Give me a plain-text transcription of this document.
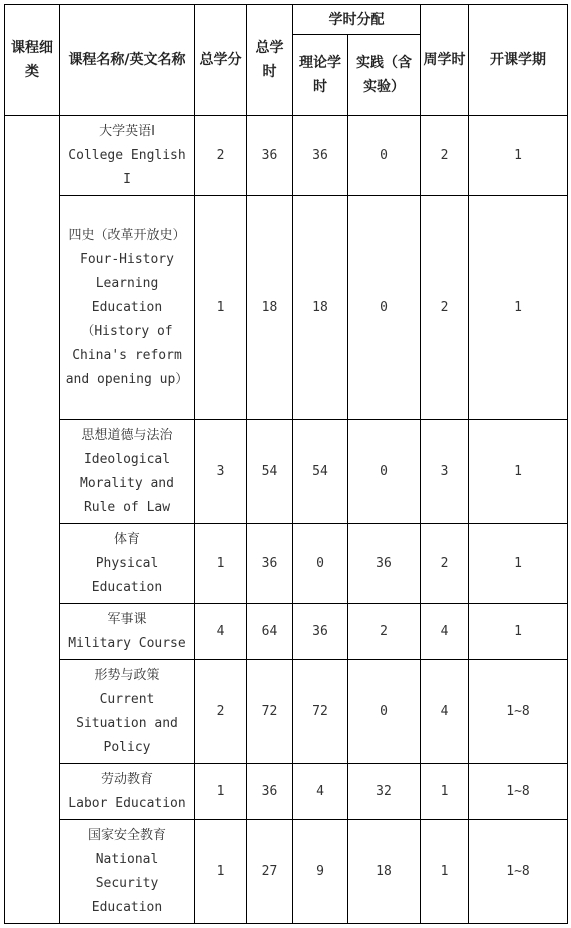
课程细类	课程名称/英文名称	总学分	总学时	学时分配		周学时	开课学期
				理论学时	实践（含实验）		

	大学英语I
College English I	2	36	36	0	2	1

	四史（改革开放史）
Four-History Learning Education （History of China's reform and opening up）	1	18	18	0	2	1

	思想道德与法治
Ideological Morality and Rule of Law	3	54	54	0	3	1

	体育
Physical Education	1	36	0	36	2	1

	军事课
Military Course	4	64	36	2	4	1

	形势与政策
Current Situation and Policy	2	72	72	0	4	1~8

	劳动教育
Labor Education	1	36	4	32	1	1~8

	国家安全教育
National Security Education	1	27	9	18	1	1~8
